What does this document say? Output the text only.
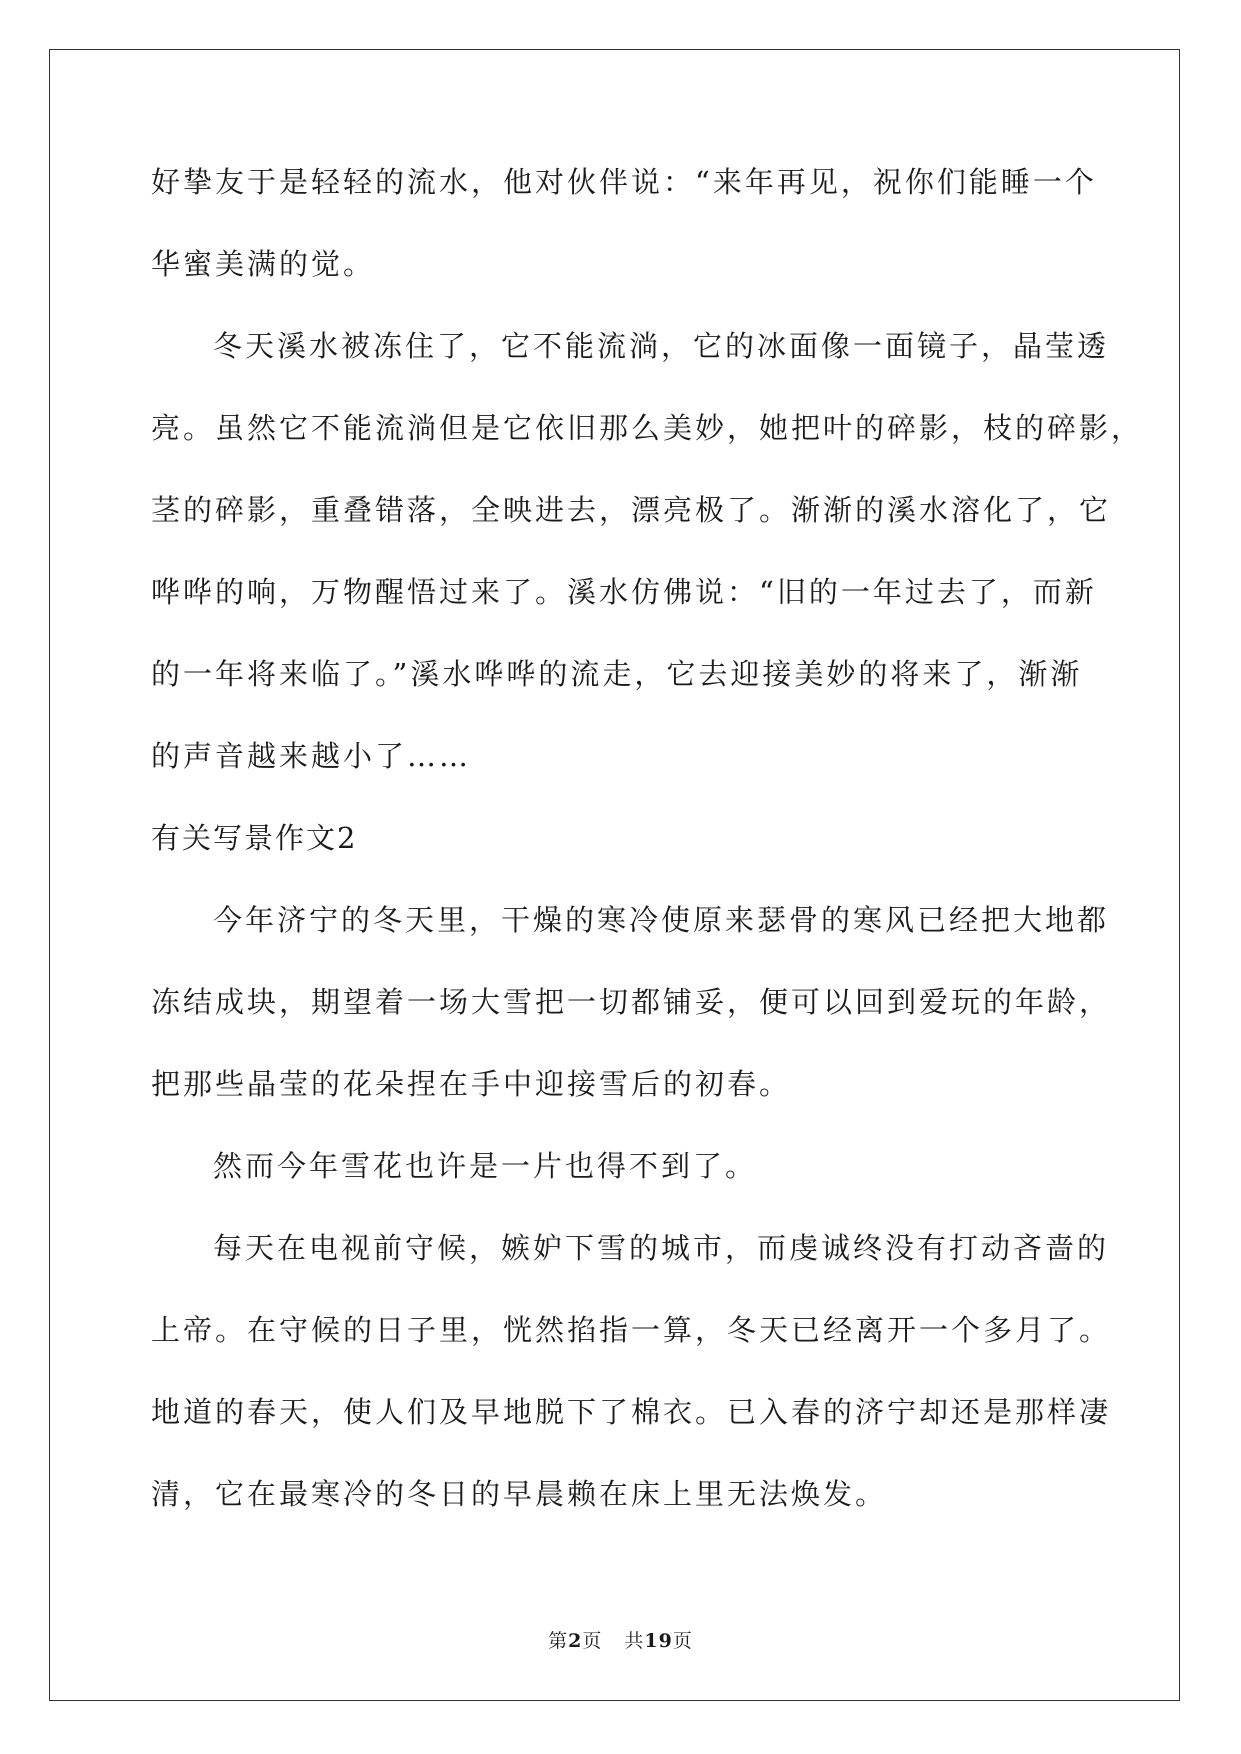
好挚友于是轻轻的流水，他对伙伴说：“来年再见，祝你们能睡一个
华蜜美满的觉。
冬天溪水被冻住了，它不能流淌，它的冰面像一面镜子，晶莹透
亮。虽然它不能流淌但是它依旧那么美妙，她把叶的碎影，枝的碎影，
茎的碎影，重叠错落，全映进去，漂亮极了。渐渐的溪水溶化了，它
哗哗的响，万物醒悟过来了。溪水仿佛说：“旧的一年过去了，而新
的一年将来临了。”溪水哗哗的流走，它去迎接美妙的将来了，渐渐
的声音越来越小了……
有关写景作文2
今年济宁的冬天里，干燥的寒冷使原来瑟骨的寒风已经把大地都
冻结成块，期望着一场大雪把一切都铺妥，便可以回到爱玩的年龄，
把那些晶莹的花朵捏在手中迎接雪后的初春。
然而今年雪花也许是一片也得不到了。
每天在电视前守候，嫉妒下雪的城市，而虔诚终没有打动吝啬的
上帝。在守候的日子里，恍然掐指一算，冬天已经离开一个多月了。
地道的春天，使人们及早地脱下了棉衣。已入春的济宁却还是那样凄
清，它在最寒冷的冬日的早晨赖在床上里无法焕发。
第2页 共19页
